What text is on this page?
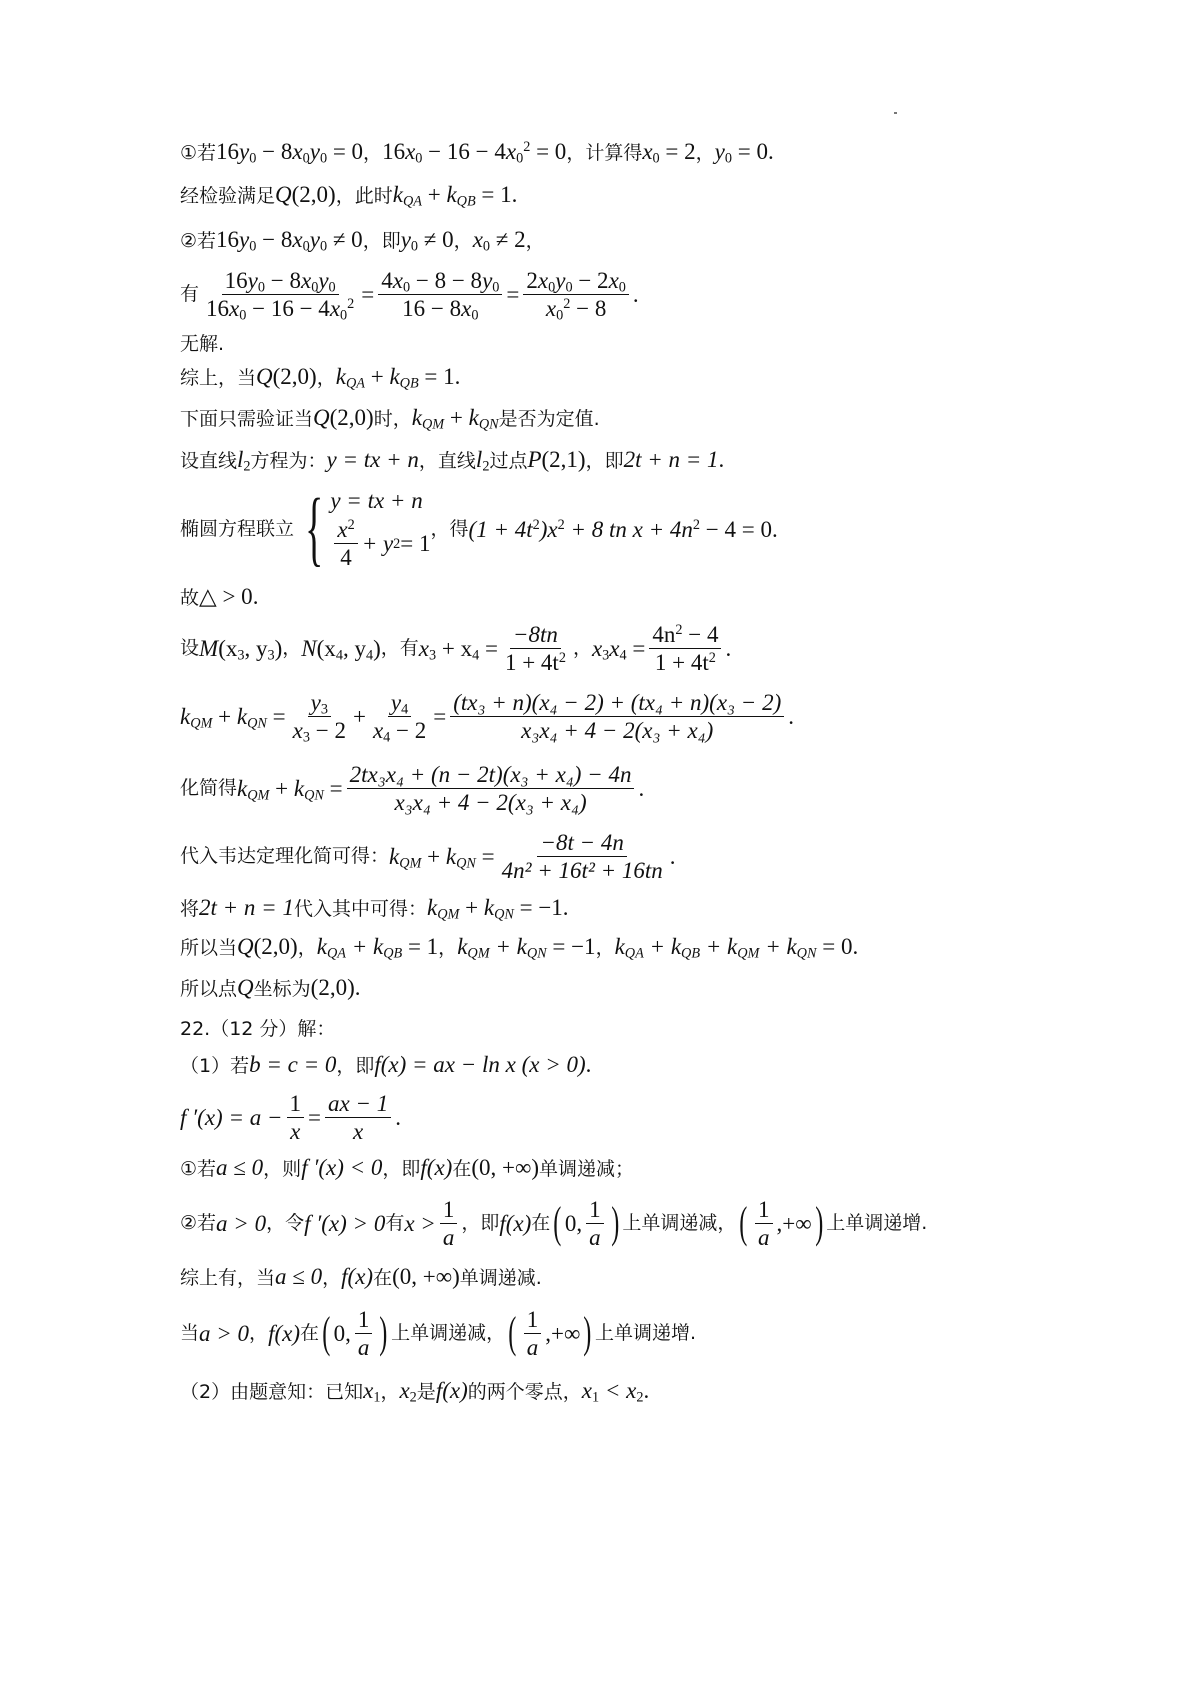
①若$16y_0 - 8x_0y_0 = 0$，$16x_0 - 16 - 4x_0^2 = 0$，计算得$x_0 = 2$，$y_0 = 0$.
经检验满足Q(2,0)，此时$k_{QA} + k_{QB} = 1$.
②若$16y_0 - 8x_0y_0 \ne 0$，即$y_0 \ne 0$，$x_0 \ne 2$，
有 $\frac{16y_0 - 8x_0y_0}{16x_0 - 16 - 4x_0^2} = \frac{4x_0 - 8 - 8y_0}{16 - 8x_0} = \frac{2x_0y_0 - 2x_0}{x_0^2 - 8}$ .
无解.
综上，当Q(2,0)，$k_{QA} + k_{QB} = 1$.
下面只需验证当Q(2,0)时，$k_{QM} + k_{QN}$是否为定值.
设直线$l_2$方程为：y = tx + n，直线$l_2$过点P(2,1)，即2t + n = 1.
椭圆方程联立 { y = tx + n
$\frac{x^2}{4} + y$ 2 = 1
，得 $(1 + 4t^2)x^2 + 8$ tn $x + 4n^2 - 4 = 0$.
故△ > 0.
设 $M(x_3$, $y_3$) ， $N(x_4$, $y_4$) ，有 $x_3 + x_4 = \frac{-8tn}{1 + 4t^2}$ ， $x_3x_4 = \frac{4n^2 - 4}{1 + 4t^2}$ .
$k_{QM} + k_{QN} = \frac{y_3}{x_3 - 2} + \frac{y_4}{x_4 - 2} = \frac{\text{(tx₃ + n)(x₄ − 2) + (tx₄ + n)(x₃ − 2)}}{\text{x₃x₄ + 4 − 2(x₃ + x₄)}}$ .
化简得 $k_{QM} + k_{QN} = \frac{\text{2tx₃x₄ + (n − 2t)(x₃ + x₄) − 4n}}{\text{x₃x₄ + 4 − 2(x₃ + x₄)}}$ .
代入韦达定理化简可得： $k_{QM} + k_{QN} = \frac{-8t - 4n}{\text{4n² + 16t² + 16tn}}$ .
将2t + n = 1代入其中可得：$k_{QM} + k_{QN} = -1$.
所以当Q(2,0)，$k_{QA} + k_{QB} = 1$，$k_{QM} + k_{QN} = -1$，$k_{QA} + k_{QB} + k_{QM} + k_{QN} = 0$.
所以点Q坐标为(2,0).
22.（12 分）解：
（1）若b = c = 0，即f(x) = ax − ln x (x > 0).
f $'(x) = a - \frac{1}{x} = \frac{ax - 1}{x}$ .
①若a ≤ 0，则f ′(x) < 0，即f(x)在(0, +∞)单调递减；
②若 a > 0 ，令 f ′(x) > 0 有 $x > \frac{1}{a}$ ，即 f(x) 在 ( 0, $\frac{1}{a}$ ) 上单调递减， ( $\frac{1}{a}$ ,+∞ ) 上单调递增.
综上有，当a ≤ 0，f(x)在(0, +∞)单调递减.
当 a > 0 ， f(x) 在 ( 0, $\frac{1}{a}$ ) 上单调递减， ( $\frac{1}{a}$ ,+∞ ) 上单调递增.
（2）由题意知：已知$x_1$，$x_2$是f(x)的两个零点，$x_1 < x_2$.
